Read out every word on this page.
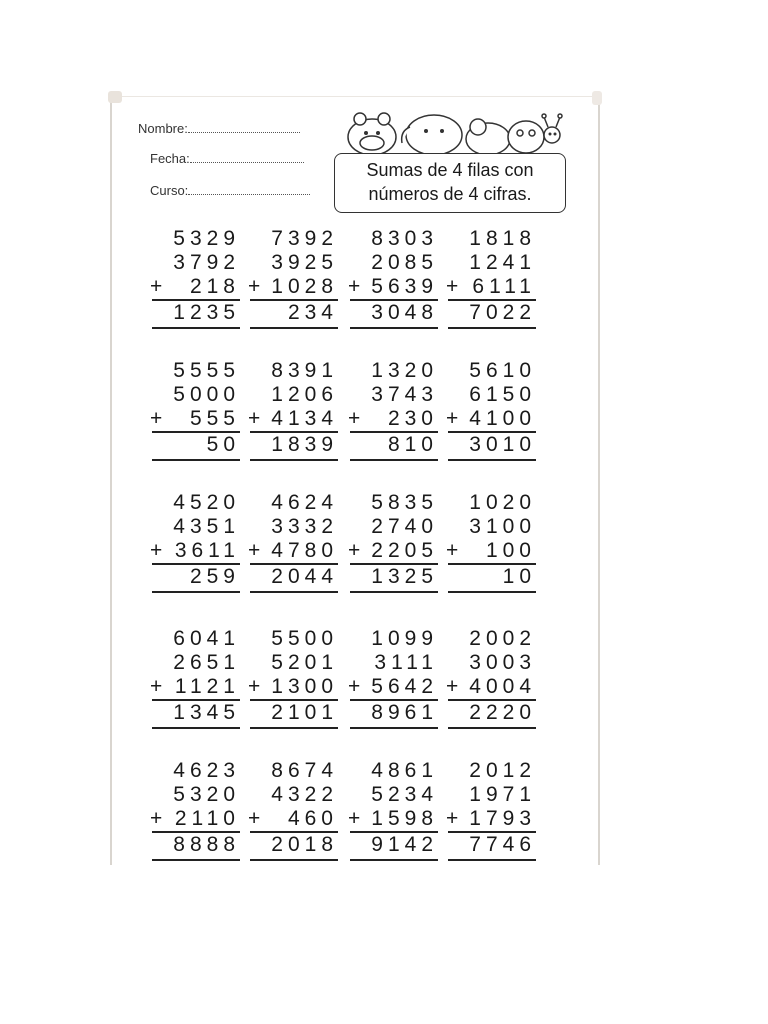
Nombre:
Fecha:
Curso:
Sumas de 4 filas con
números de 4 cifras.
5329
3792
+ 218
1235
7392
3925
+ 1028
234
8303
2085
+ 5639
3048
1818
1241
+ 6111
7022
5555
5000
+ 555
50
8391
1206
+ 4134
1839
1320
3743
+ 230
810
5610
6150
+ 4100
3010
4520
4351
+ 3611
259
4624
3332
+ 4780
2044
5835
2740
+ 2205
1325
1020
3100
+ 100
10
6041
2651
+ 1121
1345
5500
5201
+ 1300
2101
1099
3111
+ 5642
8961
2002
3003
+ 4004
2220
4623
5320
+ 2110
8888
8674
4322
+ 460
2018
4861
5234
+ 1598
9142
2012
1971
+ 1793
7746
